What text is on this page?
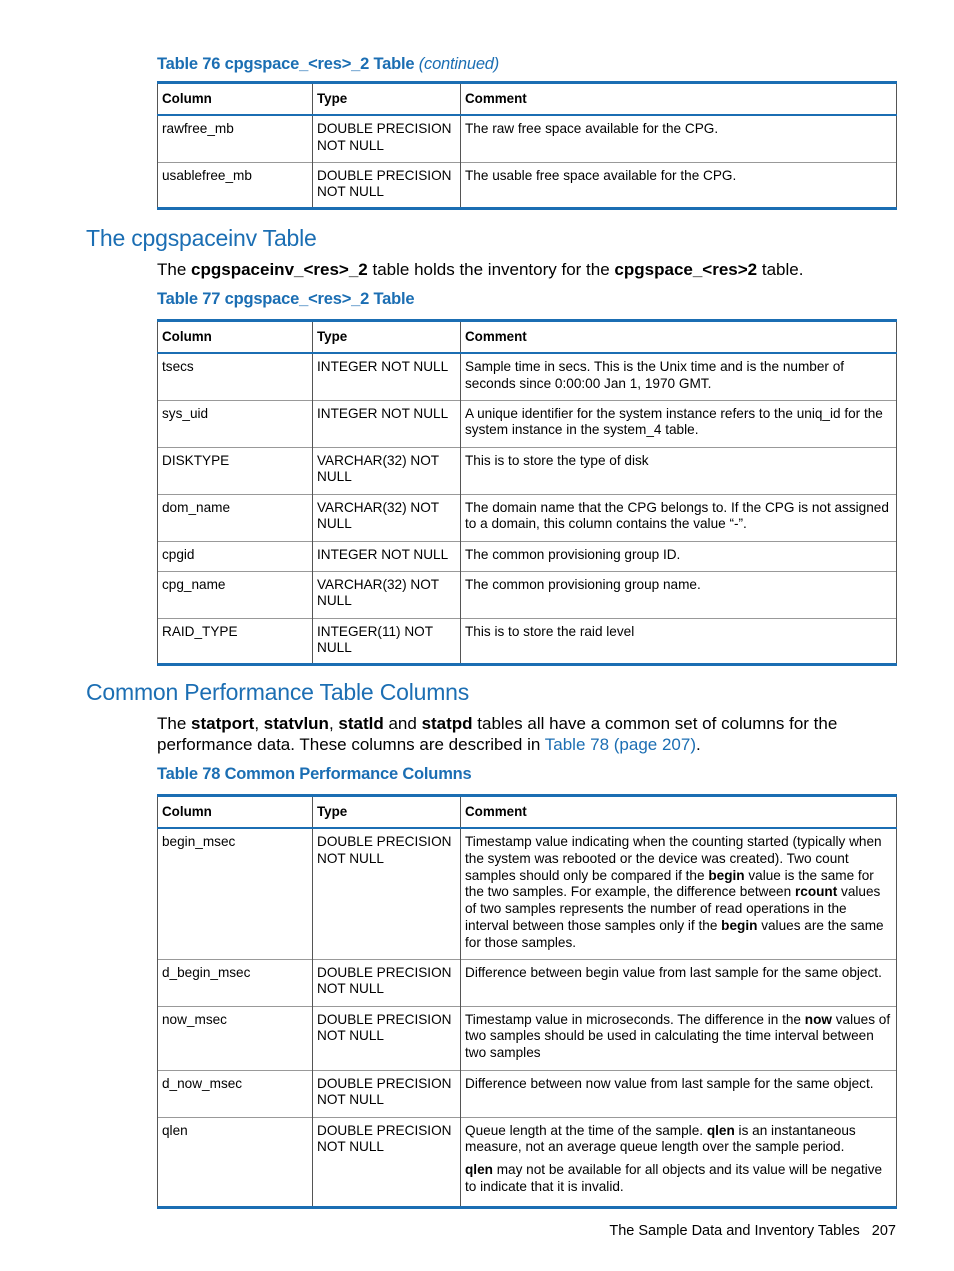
Table 76 cpgspace_<res>_2 Table (continued)
Column	Type	Comment
rawfree_mb	DOUBLE PRECISION NOT NULL	The raw free space available for the CPG.
usablefree_mb	DOUBLE PRECISION NOT NULL	The usable free space available for the CPG.
The cpgspaceinv Table
The cpgspaceinv_<res>_2 table holds the inventory for the cpgspace_<res>2 table.
Table 77 cpgspace_<res>_2 Table
Column	Type	Comment
tsecs	INTEGER NOT NULL	Sample time in secs. This is the Unix time and is the number of seconds since 0:00:00 Jan 1, 1970 GMT.
sys_uid	INTEGER NOT NULL	A unique identifier for the system instance refers to the uniq_id for the system instance in the system_4 table.
DISKTYPE	VARCHAR(32) NOT NULL	This is to store the type of disk
dom_name	VARCHAR(32) NOT NULL	The domain name that the CPG belongs to. If the CPG is not assigned to a domain, this column contains the value “-”.
cpgid	INTEGER NOT NULL	The common provisioning group ID.
cpg_name	VARCHAR(32) NOT NULL	The common provisioning group name.
RAID_TYPE	INTEGER(11) NOT NULL	This is to store the raid level
Common Performance Table Columns
The statport, statvlun, statld and statpd tables all have a common set of columns for the performance data. These columns are described in Table 78 (page 207).
Table 78 Common Performance Columns
Column	Type	Comment
begin_msec	DOUBLE PRECISION NOT NULL	Timestamp value indicating when the counting started (typically when the system was rebooted or the device was created). Two count samples should only be compared if the begin value is the same for the two samples. For example, the difference between rcount values of two samples represents the number of read operations in the interval between those samples only if the begin values are the same for those samples.
d_begin_msec	DOUBLE PRECISION NOT NULL	Difference between begin value from last sample for the same object.
now_msec	DOUBLE PRECISION NOT NULL	Timestamp value in microseconds. The difference in the now values of two samples should be used in calculating the time interval between two samples
d_now_msec	DOUBLE PRECISION NOT NULL	Difference between now value from last sample for the same object.
qlen	DOUBLE PRECISION NOT NULL	Queue length at the time of the sample. qlen is an instantaneous measure, not an average queue length over the sample period.

qlen may not be available for all objects and its value will be negative to indicate that it is invalid.

The Sample Data and Inventory Tables 207
